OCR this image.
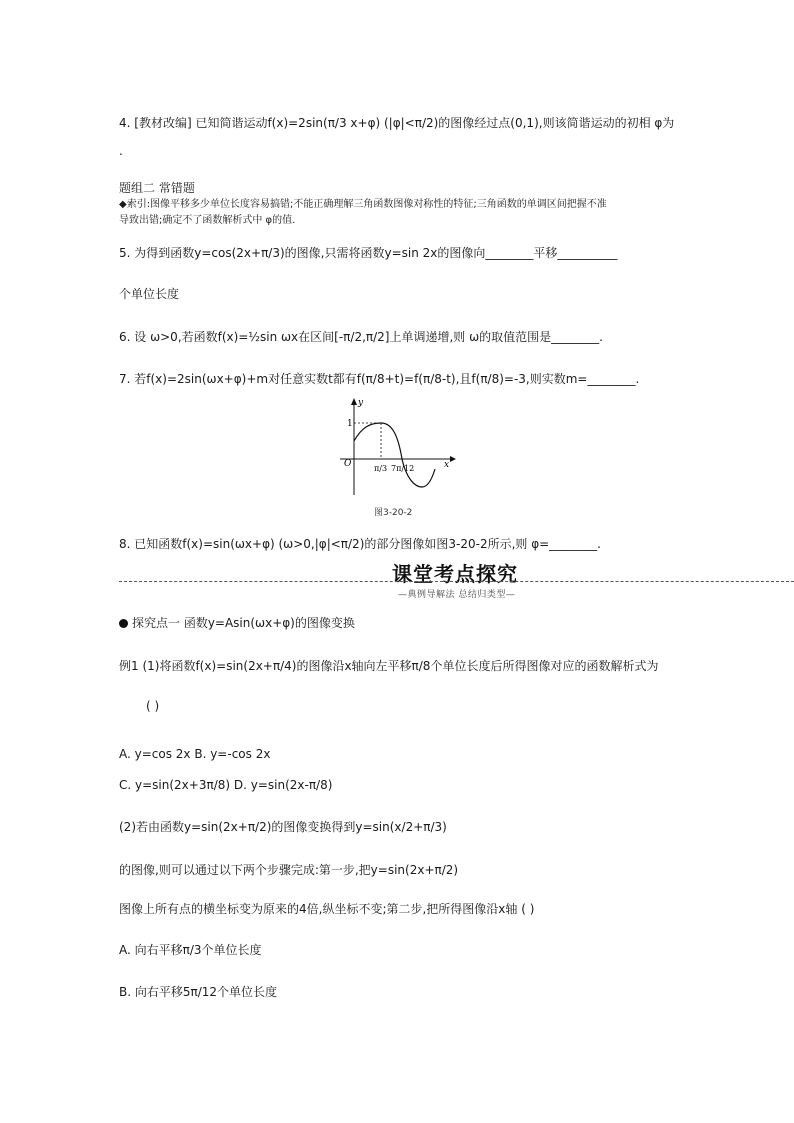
4. [教材改编] 已知简谐运动f(x)=2sin(π/3 x+φ) (|φ|<π/2)的图像经过点(0,1),则该简谐运动的初相 φ为
.
题组二 常错题
◆索引:图像平移多少单位长度容易搞错;不能正确理解三角函数图像对称性的特征;三角函数的单调区间把握不准
导致出错;确定不了函数解析式中 φ的值.
5. 为得到函数y=cos(2x+π/3)的图像,只需将函数y=sin 2x的图像向________平移__________
个单位长度
6. 设 ω>0,若函数f(x)=½sin ωx在区间[-π/2,π/2]上单调递增,则 ω的取值范围是________.
7. 若f(x)=2sin(ωx+φ)+m对任意实数t都有f(π/8+t)=f(π/8-t),且f(π/8)=-3,则实数m=________.
y
x
O
1
π/3 7π/12
图3-20-2
8. 已知函数f(x)=sin(ωx+φ) (ω>0,|φ|<π/2)的部分图像如图3-20-2所示,则 φ=________.
课堂考点探究
—典例导解法 总结归类型—
探究点一 函数y=Asin(ωx+φ)的图像变换
例1 (1)将函数f(x)=sin(2x+π/4)的图像沿x轴向左平移π/8个单位长度后所得图像对应的函数解析式为
( )
A. y=cos 2x B. y=-cos 2x
C. y=sin(2x+3π/8) D. y=sin(2x-π/8)
(2)若由函数y=sin(2x+π/2)的图像变换得到y=sin(x/2+π/3)
的图像,则可以通过以下两个步骤完成:第一步,把y=sin(2x+π/2)
图像上所有点的横坐标变为原来的4倍,纵坐标不变;第二步,把所得图像沿x轴 ( )
A. 向右平移π/3个单位长度
B. 向右平移5π/12个单位长度
